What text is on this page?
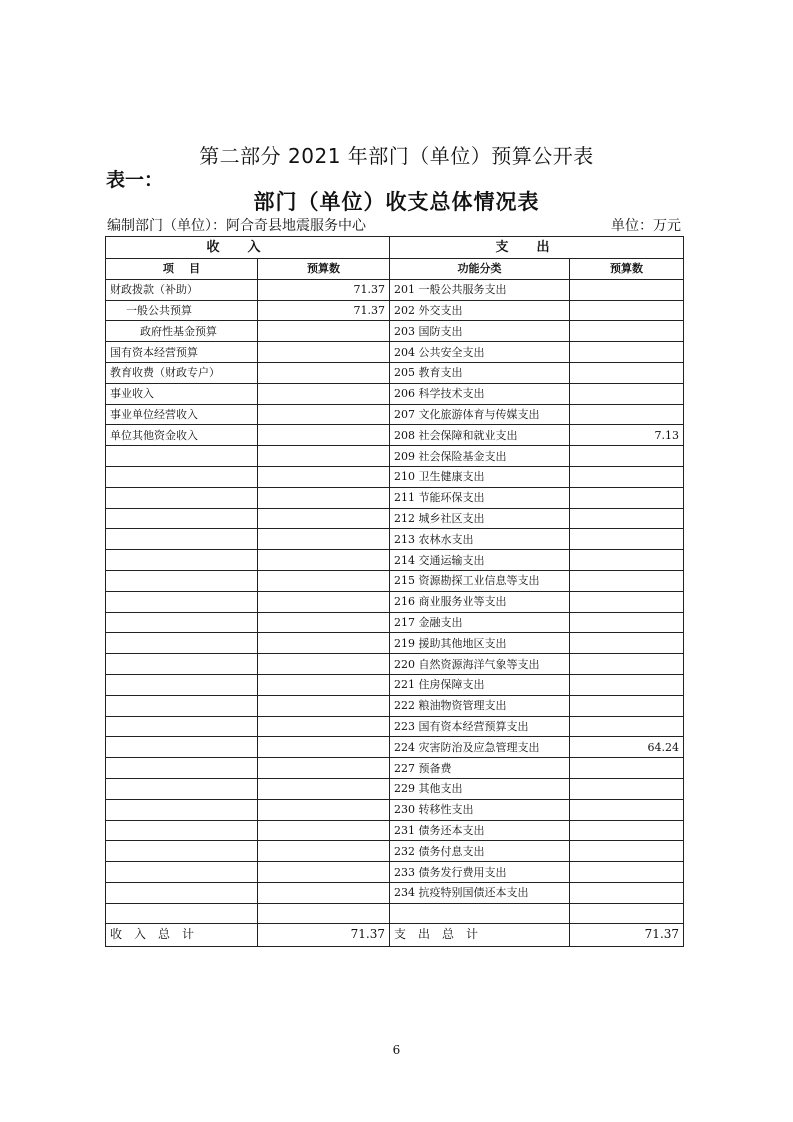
第二部分 2021 年部门（单位）预算公开表
表一：
部门（单位）收支总体情况表
编制部门（单位）：阿合奇县地震服务中心	单位：万元
收入		支出	
项    目	预算数	功能分类	预算数
财政拨款（补助）	71.37	201 一般公共服务支出	
一般公共预算	71.37	202 外交支出	
政府性基金预算		203 国防支出	
国有资本经营预算		204 公共安全支出	
教育收费（财政专户）		205 教育支出	
事业收入		206 科学技术支出	
事业单位经营收入		207 文化旅游体育与传媒支出	
单位其他资金收入		208 社会保障和就业支出	7.13
		209 社会保险基金支出	
		210 卫生健康支出	
		211 节能环保支出	
		212 城乡社区支出	
		213 农林水支出	
		214 交通运输支出	
		215 资源勘探工业信息等支出	
		216 商业服务业等支出	
		217 金融支出	
		219 援助其他地区支出	
		220 自然资源海洋气象等支出	
		221 住房保障支出	
		222 粮油物资管理支出	
		223 国有资本经营预算支出	
		224 灾害防治及应急管理支出	64.24
		227 预备费	
		229 其他支出	
		230 转移性支出	
		231 债务还本支出	
		232 债务付息支出	
		233 债务发行费用支出	
		234 抗疫特别国债还本支出	

收入总计	71.37	支出总计	71.37
6
